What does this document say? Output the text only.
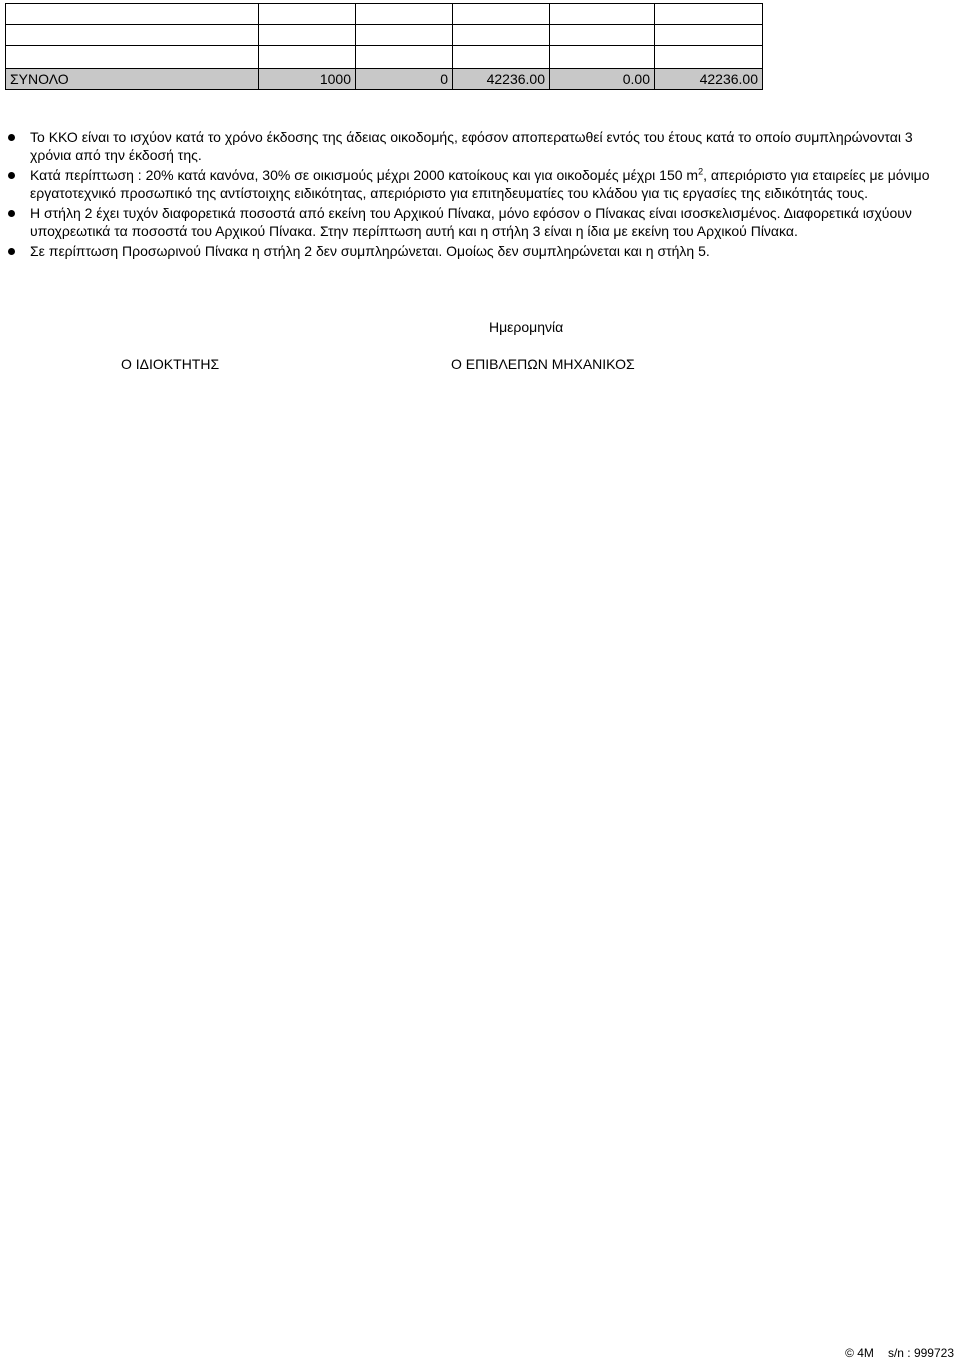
ΣΥΝΟΛΟ	1000	0	42236.00	0.00	42236.00
Το ΚΚΟ είναι το ισχύον κατά το χρόνο έκδοσης της άδειας οικοδομής, εφόσον αποπερατωθεί εντός του έτους κατά το οποίο συμπληρώνονται 3 χρόνια από την έκδοσή της.
Κατά περίπτωση : 20% κατά κανόνα, 30% σε οικισμούς μέχρι 2000 κατοίκους και για οικοδομές μέχρι 150 $m^2$, απεριόριστο για εταιρείες με μόνιμο εργατοτεχνικό προσωπικό της αντίστοιχης ειδικότητας, απεριόριστο για επιτηδευματίες του κλάδου για τις εργασίες της ειδικότητάς τους.
Η στήλη 2 έχει τυχόν διαφορετικά ποσοστά από εκείνη του Αρχικού Πίνακα, μόνο εφόσον ο Πίνακας είναι ισοσκελισμένος. Διαφορετικά ισχύουν υποχρεωτικά τα ποσοστά του Αρχικού Πίνακα. Στην περίπτωση αυτή και η στήλη 3 είναι η ίδια με εκείνη του Αρχικού Πίνακα.
Σε περίπτωση Προσωρινού Πίνακα η στήλη 2 δεν συμπληρώνεται. Ομοίως δεν συμπληρώνεται και η στήλη 5.
Ημερομηνία
Ο ΙΔΙΟΚΤΗΤΗΣ	Ο ΕΠΙΒΛΕΠΩΝ ΜΗΧΑΝΙΚΟΣ
© 4M s/n : 999723
